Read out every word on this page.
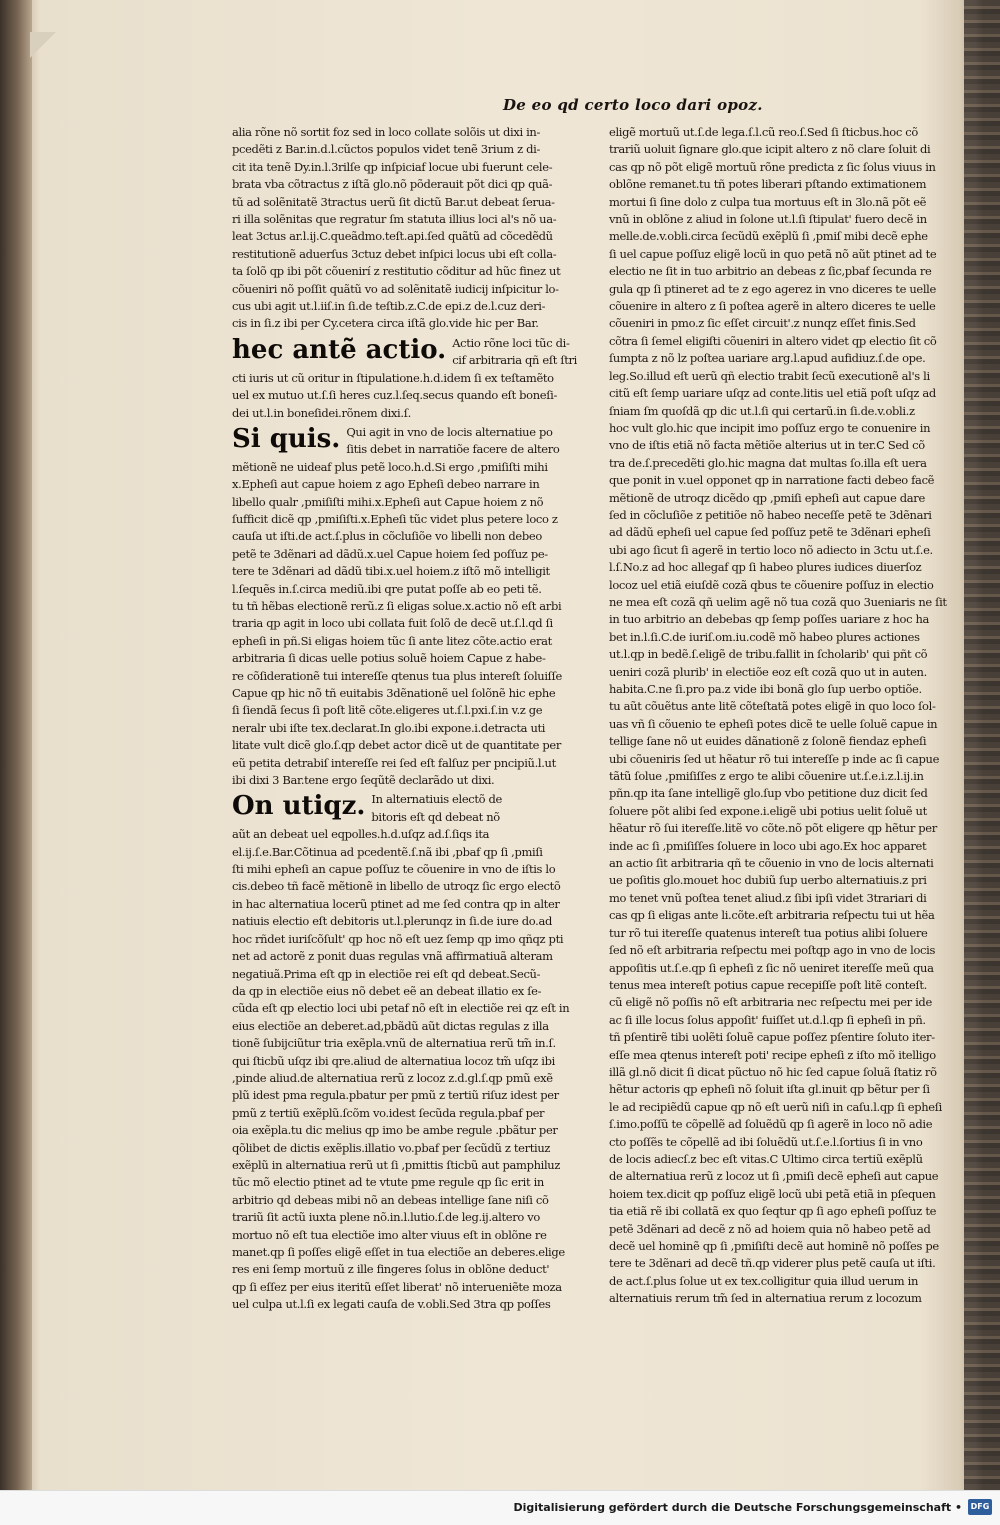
De eo qd certo loco dari opoz.
alia rõne nõ sortit foz sed in loco collate solõis ut dixi in-
pcedẽti z Bar.in.d.l.cũctos populos videt tenẽ 3rium z di-
cit ita tenẽ Dy.in.l.3rilſe qp inſpiciaf locue ubi fuerunt cele-
brata vba cõtractus z iſtã glo.nõ põderauit põt dici qp quã-
tũ ad solẽnitatẽ 3tractus uerũ ſit dictũ Bar.ut debeat ſerua-
ri illa solẽnitas que regratur ſm statuta illius loci al's nõ ua-
leat 3ctus ar.l.ij.C.queãdmo.teſt.api.ſed quãtũ ad cõcedẽdũ
restitutionẽ aduerſus 3ctuz debet inſpici locus ubi eſt colla-
ta ſolõ qp ibi põt cõuenirí z restitutio cõditur ad hũc finez ut
cõueniri nõ poſſit quãtũ vo ad solẽnitatẽ iudicij inſpicitur lo-
cus ubi agit ut.l.iiſ.in ſi.de teſtib.z.C.de epi.z de.l.cuz deri-
cis in ſi.z ibi per Cy.cetera circa iſtã glo.vide hic per Bar.
hec antẽ actio. Actio rõne loci tũc di-
cif arbitraria qñ eſt ſtri
cti iuris ut cũ oritur in ſtipulatione.h.d.idem ſi ex teſtamẽto
uel ex mutuo ut.ſ.ſi heres cuz.l.ſeq.secus quando eſt boneſi-
dei ut.l.in boneſidei.rõnem dixi.ſ.
Si quis. Qui agit in vno de locis alternatiue po
ſitis debet in narratiõe facere de altero
mẽtionẽ ne uideaf plus petẽ loco.h.d.Si ergo ,pmiſiſti mihi
x.Epheſi aut capue hoiem z ago Epheſi debeo narrare in
libello qualr ,pmiſiſti mihi.x.Epheſi aut Capue hoiem z nõ
ſufficit dicẽ qp ,pmiſiſti.x.Epheſi tũc videt plus petere loco z
cauſa ut iſti.de act.ſ.plus in cõcluſiõe vo libelli non debeo
petẽ te 3dẽnari ad dãdũ.x.uel Capue hoiem ſed poſſuz pe-
tere te 3dẽnari ad dãdũ tibi.x.uel hoiem.z iſtõ mõ intelligit
l.ſequẽs in.ſ.circa mediũ.ibi qre putat poſſe ab eo peti tẽ.
tu tñ hẽbas electionẽ rerũ.z ſi eligas solue.x.actio nõ eſt arbi
traria qp agit in loco ubi collata fuit ſolõ de decẽ ut.ſ.l.qd ſi
epheſi in pñ.Si eligas hoiem tũc ſi ante litez cõte.actio erat
arbitraria ſi dicas uelle potius soluẽ hoiem Capue z habe-
re cõſiderationẽ tui intereſſe qtenus tua plus intereſt ſoluiſſe
Capue qp hic nõ tñ euitabis 3dẽnationẽ uel ſolõnẽ hic ephe
ſi ſiendã ſecus ſi poſt litẽ cõte.eligeres ut.ſ.l.pxi.ſ.in v.z ge
neralr ubi iſte tex.declarat.In glo.ibi expone.i.detracta uti
litate vult dicẽ glo.ſ.qp debet actor dicẽ ut de quantitate per
eũ petita detrabiſ intereſſe rei ſed eſt falſuz per pncipiũ.l.ut
ibi dixi 3 Bar.tene ergo ſeqũtẽ declarãdo ut dixi.
On utiqz. In alternatiuis electõ de
bitoris eſt qd debeat nõ
aũt an debeat uel eqpolles.h.d.uſqz ad.ſ.ſiqs ita
el.ij.ſ.e.Bar.Cõtinua ad pcedentẽ.ſ.nã ibi ,pbaf qp ſi ,pmiſi
ſti mihi epheſi an capue poſſuz te cõuenire in vno de iſtis lo
cis.debeo tñ facẽ mẽtionẽ in libello de utroqz ſic ergo electõ
in hac alternatiua locerũ ptinet ad me ſed contra qp in alter
natiuis electio eſt debitoris ut.l.plerunqz in ſi.de iure do.ad
hoc rñdet iuriſcõſult' qp hoc nõ eſt uez ſemp qp imo qñqz pti
net ad actorẽ z ponit duas regulas vnã affirmatiuã alteram
negatiuã.Prima eſt qp in electiõe rei eſt qd debeat.Secũ-
da qp in electiõe eius nõ debet eẽ an debeat illatio ex ſe-
cũda eſt qp electio loci ubi petaf nõ eſt in electiõe rei qz eſt in
eius electiõe an deberet.ad,pbãdũ aũt dictas regulas z illa
tionẽ ſubijciũtur tria exẽpla.vnũ de alternatiua rerũ tm̃ in.ſ.
qui ſticbũ uſqz ibi qre.aliud de alternatiua locoz tm̃ uſqz ibi
,pinde aliud.de alternatiua rerũ z locoz z.d.gl.ſ.qp pmũ exẽ
plũ idest pma regula.pbatur per pmũ z tertiũ riſuz idest per
pmũ z tertiũ exẽplũ.ſcõm vo.idest ſecũda regula.pbaf per
oia exẽpla.tu dic melius qp imo be ambe regule .pbãtur per
qõlibet de dictis exẽplis.illatio vo.pbaf per ſecũdũ z tertiuz
exẽplũ in alternatiua rerũ ut ſi ,pmittis ſticbũ aut pamphiluz
tũc mõ electio ptinet ad te vtute pme regule qp ſic erit in
arbitrio qd debeas mibi nõ an debeas intellige ſane niſi cõ
trariũ ſit actũ iuxta plene nõ.in.l.lutio.ſ.de leg.ij.altero vo
mortuo nõ eſt tua electiõe imo alter viuus eſt in oblõne re
manet.qp ſi poſſes eligẽ eſſet in tua electiõe an deberes.elige
res eni ſemp mortuũ z ille fingeres ſolus in oblõne deduct'
qp ſi eſſez per eius iteritũ eſſet liberat' nõ interueniẽte moza
uel culpa ut.l.ſi ex legati cauſa de v.obli.Sed 3tra qp poſſes
eligẽ mortuũ ut.ſ.de lega.ſ.l.cũ reo.ſ.Sed ſi ſticbus.hoc cõ
trariũ uoluit ſignare glo.que icipit altero z nõ clare ſoluit di
cas qp nõ põt eligẽ mortuũ rõne predicta z ſic ſolus viuus in
oblõne remanet.tu tñ potes liberari pſtando extimationem
mortui ſi ſine dolo z culpa tua mortuus eſt in 3lo.nã põt eẽ
vnũ in oblõne z aliud in ſolone ut.l.ſi ſtipulat' fuero decẽ in
melle.de.v.obli.circa ſecũdũ exẽplũ ſi ,pmiſ mibi decẽ ephe
ſi uel capue poſſuz eligẽ locũ in quo petã nõ aũt ptinet ad te
electio ne ſit in tuo arbitrio an debeas z ſic,pbaf ſecunda re
gula qp ſi ptineret ad te z ego agerez in vno diceres te uelle
cõuenire in altero z ſi poſtea agerẽ in altero diceres te uelle
cõueniri in pmo.z ſic eſſet circuit'.z nunqz eſſet finis.Sed
cõtra ſi ſemel eligiſti cõueniri in altero videt qp electio ſit cõ
ſumpta z nõ lz poſtea uariare arg.l.apud aufidiuz.ſ.de ope.
leg.So.illud eſt uerũ qñ electio trabit ſecũ executionẽ al's li
citũ eſt ſemp uariare uſqz ad conte.litis uel etiã poſt uſqz ad
ſniam ſm quoſdã qp dic ut.l.ſi qui certarũ.in ſi.de.v.obli.z
hoc vult glo.hic que incipit imo poſſuz ergo te conuenire in
vno de iſtis etiã nõ facta mẽtiõe alterius ut in ter.C Sed cõ
tra de.ſ.precedẽti glo.hic magna dat multas ſo.illa eſt uera
que ponit in v.uel opponet qp in narratione facti debeo facẽ
mẽtionẽ de utroqz dicẽdo qp ,pmiſi epheſi aut capue dare
ſed in cõcluſiõe z petitiõe nõ habeo neceſſe petẽ te 3dẽnari
ad dãdũ epheſi uel capue ſed poſſuz petẽ te 3dẽnari epheſi
ubi ago ſicut ſi agerẽ in tertio loco nõ adiecto in 3ctu ut.ſ.e.
l.ſ.No.z ad hoc allegaf qp ſi habeo plures iudices diuerſoz
locoz uel etiã eiuſdẽ cozã qbus te cõuenire poſſuz in electio
ne mea eſt cozã qñ uelim agẽ nõ tua cozã quo 3ueniaris ne ſit
in tuo arbitrio an debebas qp ſemp poſſes uariare z hoc ha
bet in.l.ſi.C.de iuriſ.om.iu.codẽ mõ habeo plures actiones
ut.l.qp in bedẽ.ſ.eligẽ de tribu.fallit in ſcholarib' qui pñt cõ
ueniri cozã plurib' in electiõe eoz eſt cozã quo ut in auten.
habita.C.ne ſi.pro pa.z vide ibi bonã glo ſup uerbo optiõe.
tu aũt cõuẽtus ante litẽ cõteſtatã potes eligẽ in quo loco ſol-
uas vñ ſi cõuenio te epheſi potes dicẽ te uelle ſoluẽ capue in
tellige ſane nõ ut euides dãnationẽ z ſolonẽ fiendaz epheſi
ubi cõueniris ſed ut hẽatur rõ tui intereſſe p inde ac ſi capue
tãtũ ſolue ,pmiſiſſes z ergo te alibi cõuenire ut.ſ.e.i.z.l.ij.in
pñn.qp ita ſane intelligẽ glo.ſup vbo petitione duz dicit ſed
ſoluere põt alibi ſed expone.i.eligẽ ubi potius uelit ſoluẽ ut
hẽatur rõ ſui itereſſe.litẽ vo cõte.nõ põt eligere qp hẽtur per
inde ac ſi ,pmiſiſſes ſoluere in loco ubi ago.Ex hoc apparet
an actio ſit arbitraria qñ te cõuenio in vno de locis alternati
ue poſitis glo.mouet hoc dubiũ ſup uerbo alternatiuis.z pri
mo tenet vnũ poſtea tenet aliud.z ſibi ipſi videt 3trariari di
cas qp ſi eligas ante li.cõte.eſt arbitraria reſpectu tui ut hẽa
tur rõ tui itereſſe quatenus intereſt tua potius alibi ſoluere
ſed nõ eſt arbitraria reſpectu mei poſtqp ago in vno de locis
appoſitis ut.ſ.e.qp ſi epheſi z ſic nõ ueniret itereſſe meũ qua
tenus mea intereſt potius capue recepiſſe poſt litẽ conteſt.
cũ eligẽ nõ poſſis nõ eſt arbitraria nec reſpectu mei per ide
ac ſi ille locus ſolus appoſit' fuiſſet ut.d.l.qp ſi epheſi in pñ.
tñ pſentirẽ tibi uolẽti ſoluẽ capue poſſez pſentire ſoluto iter-
eſſe mea qtenus intereſt poti' recipe epheſi z iſto mõ itelligo
illã gl.nõ dicit ſi dicat pũctuo nõ hic ſed capue ſoluã ſtatiz rõ
hẽtur actoris qp epheſi nõ ſoluit iſta gl.inuit qp bẽtur per ſi
le ad recipiẽdũ capue qp nõ eſt uerũ niſi in caſu.l.qp ſi epheſi
ſ.imo.poſſũ te cõpellẽ ad ſoluẽdũ qp ſi agerẽ in loco nõ adie
cto poſſẽs te cõpellẽ ad ibi ſoluẽdũ ut.ſ.e.l.ſortius ſi in vno
de locis adiecſ.z bec eſt vitas.C Ultimo circa tertiũ exẽplũ
de alternatiua rerũ z locoz ut ſi ,pmiſi decẽ epheſi aut capue
hoiem tex.dicit qp poſſuz eligẽ locũ ubi petã etiã in pſequen
tia etiã rẽ ibi collatã ex quo ſeqtur qp ſi ago epheſi poſſuz te
petẽ 3dẽnari ad decẽ z nõ ad hoiem quia nõ habeo petẽ ad
decẽ uel hominẽ qp ſi ,pmiſiſti decẽ aut hominẽ nõ poſſes pe
tere te 3dẽnari ad decẽ tñ.qp viderer plus petẽ cauſa ut iſti.
de act.ſ.plus ſolue ut ex tex.colligitur quia illud uerum in
alternatiuis rerum tm̃ ſed in alternatiua rerum z locozum
Digitalisierung gefördert durch die Deutsche Forschungsgemeinschaft •	DFG
